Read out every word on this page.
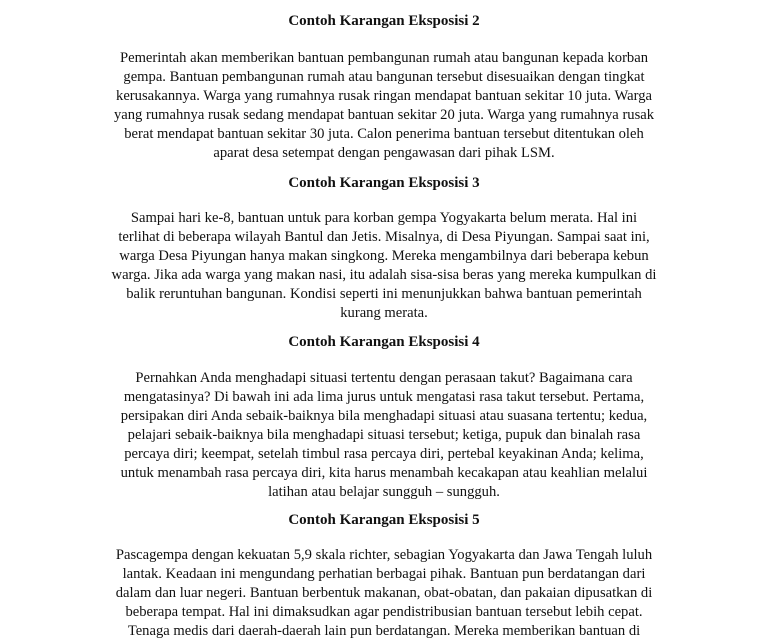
Contoh Karangan Eksposisi 2
Pemerintah akan memberikan bantuan pembangunan rumah atau bangunan kepada korban
gempa. Bantuan pembangunan rumah atau bangunan tersebut disesuaikan dengan tingkat
kerusakannya. Warga yang rumahnya rusak ringan mendapat bantuan sekitar 10 juta. Warga
yang rumahnya rusak sedang mendapat bantuan sekitar 20 juta. Warga yang rumahnya rusak
berat mendapat bantuan sekitar 30 juta. Calon penerima bantuan tersebut ditentukan oleh
aparat desa setempat dengan pengawasan dari pihak LSM.
Contoh Karangan Eksposisi 3
Sampai hari ke-8, bantuan untuk para korban gempa Yogyakarta belum merata. Hal ini
terlihat di beberapa wilayah Bantul dan Jetis. Misalnya, di Desa Piyungan. Sampai saat ini,
warga Desa Piyungan hanya makan singkong. Mereka mengambilnya dari beberapa kebun
warga. Jika ada warga yang makan nasi, itu adalah sisa-sisa beras yang mereka kumpulkan di
balik reruntuhan bangunan. Kondisi seperti ini menunjukkan bahwa bantuan pemerintah
kurang merata.
Contoh Karangan Eksposisi 4
Pernahkan Anda menghadapi situasi tertentu dengan perasaan takut? Bagaimana cara
mengatasinya? Di bawah ini ada lima jurus untuk mengatasi rasa takut tersebut. Pertama,
persipakan diri Anda sebaik-baiknya bila menghadapi situasi atau suasana tertentu; kedua,
pelajari sebaik-baiknya bila menghadapi situasi tersebut; ketiga, pupuk dan binalah rasa
percaya diri; keempat, setelah timbul rasa percaya diri, pertebal keyakinan Anda; kelima,
untuk menambah rasa percaya diri, kita harus menambah kecakapan atau keahlian melalui
latihan atau belajar sungguh – sungguh.
Contoh Karangan Eksposisi 5
Pascagempa dengan kekuatan 5,9 skala richter, sebagian Yogyakarta dan Jawa Tengah luluh
lantak. Keadaan ini mengundang perhatian berbagai pihak. Bantuan pun berdatangan dari
dalam dan luar negeri. Bantuan berbentuk makanan, obat-obatan, dan pakaian dipusatkan di
beberapa tempat. Hal ini dimaksudkan agar pendistribusian bantuan tersebut lebih cepat.
Tenaga medis dari daerah-daerah lain pun berdatangan. Mereka memberikan bantuan di
